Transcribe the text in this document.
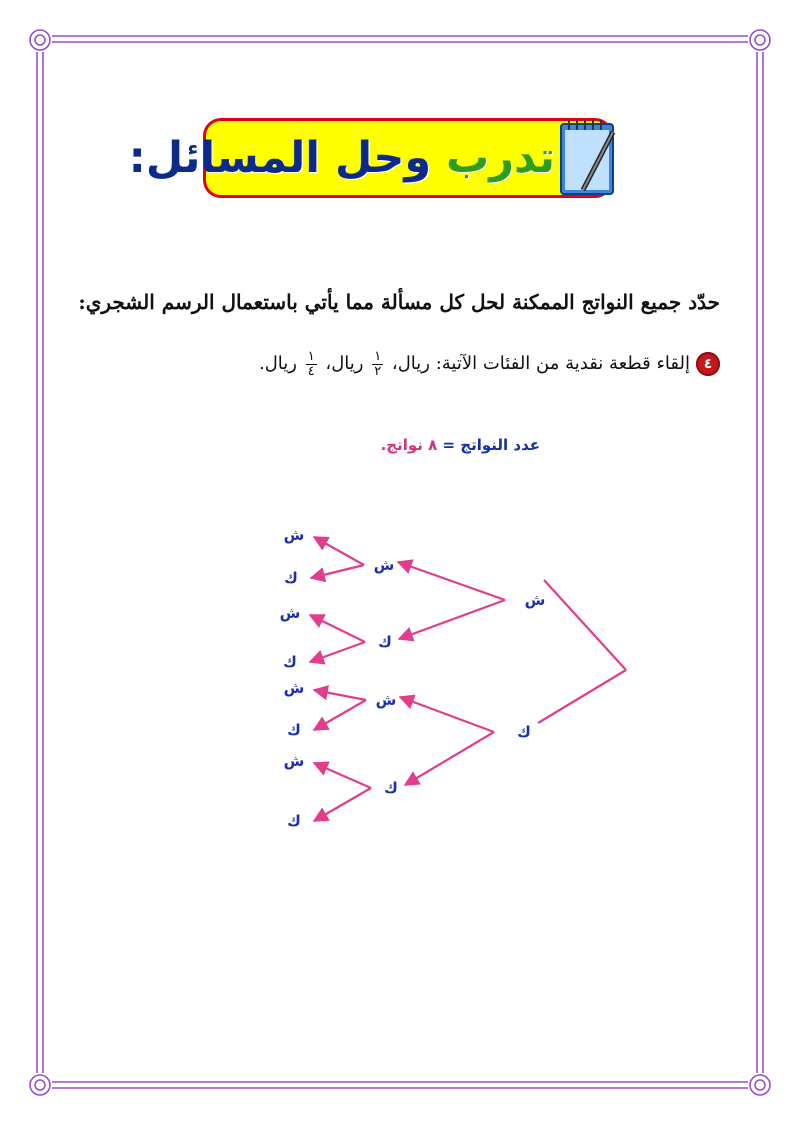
تدرب وحل المسائل:
حدّد جميع النواتج الممكنة لحل كل مسألة مما يأتي باستعمال الرسم الشجري:
٤إلقاء قطعة نقدية من الفئات الآتية: ريال،
$\frac{١}{٢}$
ريال،
$\frac{١}{٤}$
ريال.
عدد النواتج = ٨ نواتج.
ش
ك
ش
ك
ش
ك
ش
ك
ش
ك
ش
ك
ش
ك
